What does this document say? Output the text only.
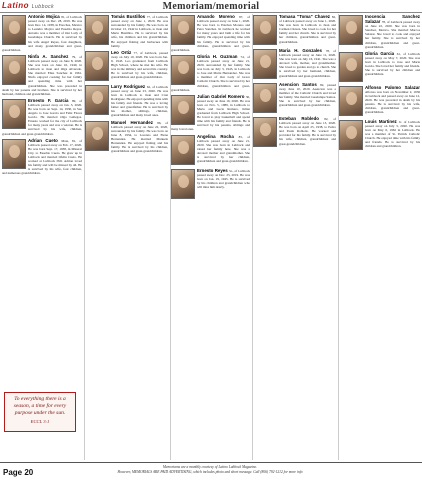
Latino Lubbock	Memoriam/memorial
Antonio Mojica 81, of Lubbock passed away on Dec. 28, 2019. He was born Dec. 14, 1938, in Enochas, Mexico to Leandro Mojica and Eusebia Reyes. Antonio was a member of Our Lady of Guadalupe Church. He is survived by his wife Angel Reyes, four daughters, and many grandchildren and great-grandchildren.
Ninfa A. Sanchez 79, of Lubbock passed away on June 8, 2020. She was born on June 16, 1940, in Lubbock to Juan and Olga Alvarado. She married Elias Sanchez in 1961. Ninfa enjoyed cooking for her family and spending time with her grandchildren. She was preceded in death by her parents and brothers. She is survived by her husband, children and grandchildren.
Ernesto F. Garcia 89, of Lubbock passed away on Jan. 3, 2020. He was born on Sept. 14, 1930, in San Angelo to Jose Garcia and Feliz Flores Garcia. He married Olga Gallegos. Ernesto worked for the city of Lubbock for many years and was a veteran. He is survived by his wife, children, grandchildren and great-grandchildren.
Adrian Cueto Mata, 81, of Lubbock passed away on Feb. 17, 2020. He was born Sept. 17, 1938, in Mineral City, to Eusebio Cueto. He grew up in Lubbock and married Ofelia Cueto. He worked at Lubbock ISD. Adrian loved his family and will be missed by all. He is survived by his wife, four children, and numerous grandchildren.
Tomás Bustillos 77, of Lubbock passed away on June 1, 2020. He was surrounded by his family. He was born on October 13, 1942 in Lubbock, to Juan and Maria Bustillos. He is survived by his wife, his children and his grandchildren. He enjoyed fishing and barbecues with family.
Leo Ortiz 77, of Lubbock, passed away on July 10, 2020. He was born Jan. 9, 1943. Leo graduated from Lubbock High School, where he met his wife. He was in the military and served his country. He is survived by his wife, children, grandchildren and great-grandchildren.
Larry Rodriguez 62, of Lubbock passed away on June 23, 2020. He was born in Lubbock to Juan and Cruz Rodriguez. He enjoyed spending time with his family and friends. He was a loving father and grandfather. He is survived by his mother, siblings, children, grandchildren and many loved ones.
Manuel Hernandez 86, of Lubbock passed away on June 22, 2020, surrounded by his family. He was born on June 8, 1934, to Lorenzo and Elena Hernandez. He married Manuela Hernandez. He enjoyed fishing and his family. He is survived by his children, grandchildren and great-grandchildren.
Amando Moreno 87, of Lubbock passed away on June 1, 2020. He was born to Esteban Moreno and Petra Sanchez. In Lubbock he worked for many years and built a life for his family. He enjoyed spending time with his family. He is survived by his children, grandchildren and great-grandchildren.
Gloria H. Guzman 74, of Lubbock passed away on June 21, 2020, surrounded by her family. She was born on July 3, 1945, in Lubbock to Jose and Maria Hernandez. She was a member of Our Lady of Grace Catholic Church. She is survived by her children, grandchildren and great-grandchildren.
Julian Gabriel Romero 30, passed away on June 16, 2020. He was born on Nov. 5, 1989, in Lubbock to Mario and Lucia Romero. Julian graduated from Lubbock High School. He loved to play basketball and spend time with his family and friends. He is survived by his parents, siblings and many loved ones.
Angelina Rocha 85, of Lubbock passed away on June 21, 2020. She was born in Lubbock and raised her family here. She was a devoted mother and grandmother. She is survived by her children, grandchildren and great-grandchildren.
Ernesto Reyes Sr., of Lubbock passed away on Dec. 25, 2019. He was born on Jan. 19, 1945. He is survived by his children and grandchildren who will miss him dearly.
Tomasa "Toma" Chavez 82, of Lubbock passed away on June 1, 2020. She was born in Lubbock to Juan and Carmen Chavez. She loved to cook for her family and her church. She is survived by her children, grandchildren and great-grandchildren.
Maria H. Gonzales 78, of Lubbock passed away on June 11, 2020. She was born on July 16, 1941. She was a devoted wife, mother, and grandmother. She loved to garden and go to church. She is survived by her husband, children, grandchildren and great-grandchildren.
Asencion Santos 82, passed away June 10, 2020. Asencion was a member of the Catholic Church and loved her family. She married Guadalupe Santos. She is survived by her children, grandchildren and great-grandchildren.
Esteban Robledo 82, of Lubbock passed away on June 13, 2020. He was born on April 25, 1938, to Pedro and Paula Robledo. He worked and provided for his family. He is survived by his wife, children, grandchildren and great-grandchildren.
Inocencia Sanchez Salazar 78, of Lubbock passed away on June 22, 2020. She was born in Sanchez, Mexico. She married Marcos Salazar. She loved to cook and enjoyed her family. She is survived by her children, grandchildren and great-grandchildren.
Gloria Garcia 61, of Lubbock passed away on May 7, 2020. She was born in Lubbock to Jose and Maria Garcia. She loved her family and friends. She is survived by her children and grandchildren.
Alfonso Palomo Salazar Alfonso was born on November 2, 1936 in Lubbock and passed away on June 12, 2020. He was preceded in death by his parents. He is survived by his wife, children, grandchildren and great-grandchildren.
Louis Martinez Jr. of Lubbock passed away on July 3, 2020. He was born on May 6, 1962 in Lubbock. He was a member of St. Patrick Catholic Church. He enjoyed time with his family and friends. He is survived by his children and grandchildren.
To everything there is a season, a time for every purpose under the sun.
ECCL 3:1
Page 20
Memoriams are a monthly courtesy of Latino Lubbock Magazine.
However, MEMORIALS ARE PAID ADVERTISING, which includes photo and short message. Call (806) 792-1212 for more info
